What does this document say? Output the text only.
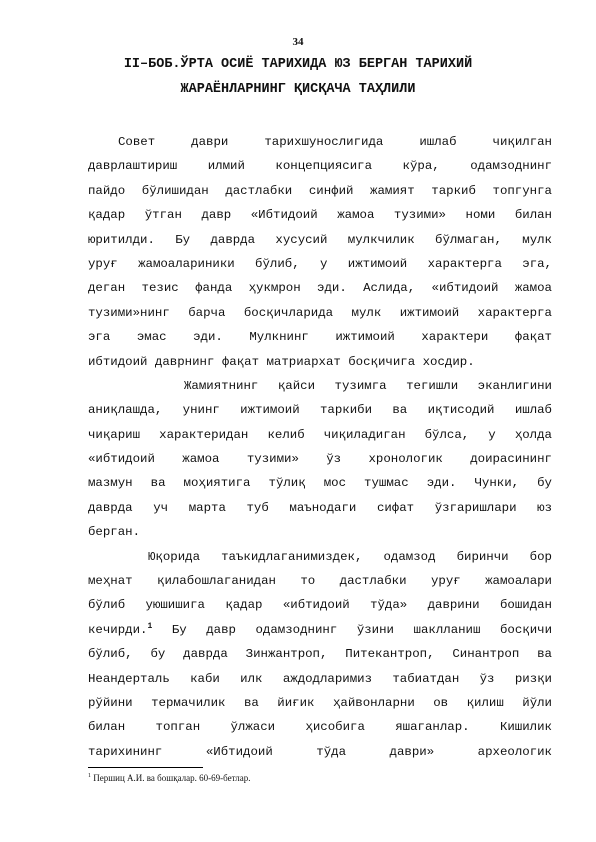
34
II–БОБ.ЎРТА ОСИЁ ТАРИХИДА ЮЗ БЕРГАН ТАРИХИЙ
ЖАРАЁНЛАРНИНГ ҚИСҚАЧА ТАҲЛИЛИ
Совет даври тарихшунослигида ишлаб чиқилган
даврлаштириш илмий концепциясига кўра, одамзоднинг
пайдо бўлишидан дастлабки синфий жамият таркиб топгунга
қадар ўтган давр «Ибтидоий жамоа тузими» номи билан
юритилди. Бу даврда хусусий мулкчилик бўлмаган, мулк
уруғ жамоалариники бўлиб, у ижтимоий характерга эга,
деган тезис фанда ҳукмрон эди. Аслида, «ибтидоий жамоа
тузими»нинг барча босқичларида мулк ижтимоий характерга
эга эмас эди. Мулкнинг ижтимоий характери фақат
ибтидоий даврнинг фақат матриархат босқичига хосдир.
Жамиятнинг қайси тузимга тегишли эканлигини
аниқлашда, унинг ижтимоий таркиби ва иқтисодий ишлаб
чиқариш характеридан келиб чиқиладиган бўлса, у ҳолда
«ибтидоий жамоа тузими» ўз хронологик доирасининг
мазмун ва моҳиятига тўлиқ мос тушмас эди. Чунки, бу
даврда уч марта туб маънодаги сифат ўзгаришлари юз
берган.
Юқорида таъкидлаганимиздек, одамзод биринчи бор
меҳнат қилабошлаганидан то дастлабки уруғ жамоалари
бўлиб уюшишига қадар «ибтидоий тўда» даврини бошидан
кечирди.$^1$ Бу давр одамзоднинг ўзини шаклланиш босқичи
бўлиб, бу даврда Зинжантроп, Питекантроп, Синантроп ва
Неандерталь каби илк аждодларимиз табиатдан ўз ризқи
рўйини термачилик ва йиғик ҳайвонларни ов қилиш йўли
билан топган ўлжаси ҳисобига яшаганлар. Кишилик
тарихининг «Ибтидоий тўда даври» археологик
$^1$ Першиц А.И. ва бошқалар. 60-69-бетлар.
